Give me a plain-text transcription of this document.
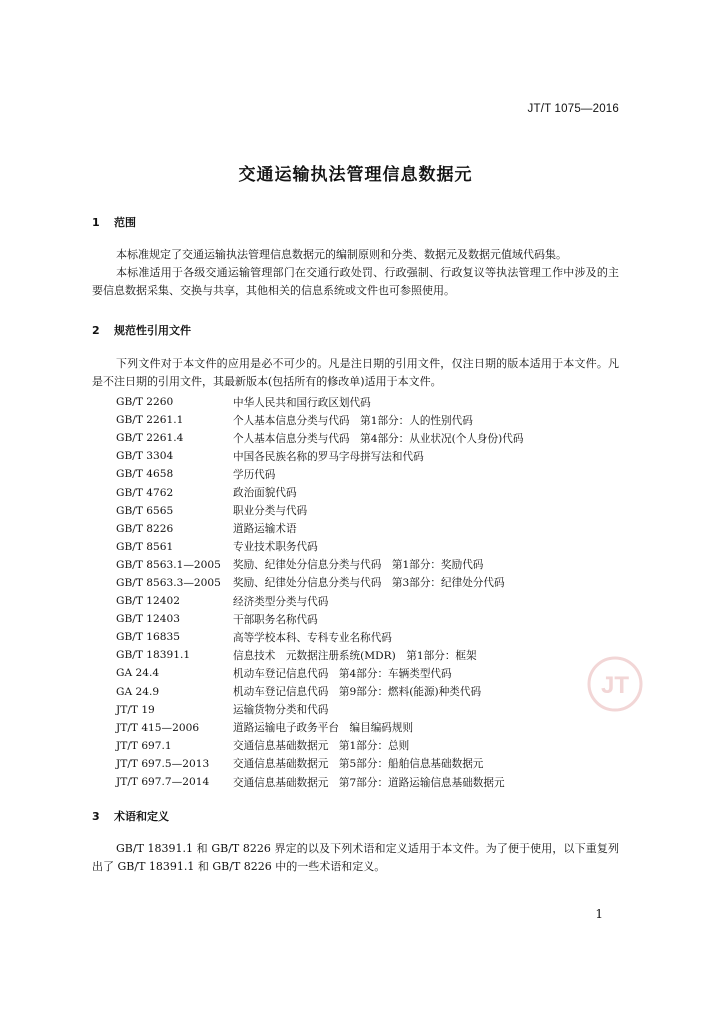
JT/T 1075—2016
交通运输执法管理信息数据元
1 范围
本标准规定了交通运输执法管理信息数据元的编制原则和分类、数据元及数据元值域代码集。
本标准适用于各级交通运输管理部门在交通行政处罚、行政强制、行政复议等执法管理工作中涉及的主要信息数据采集、交换与共享，其他相关的信息系统或文件也可参照使用。
2 规范性引用文件
下列文件对于本文件的应用是必不可少的。凡是注日期的引用文件，仅注日期的版本适用于本文件。凡是不注日期的引用文件，其最新版本(包括所有的修改单)适用于本文件。
GB/T 2260	中华人民共和国行政区划代码
GB/T 2261.1	个人基本信息分类与代码　第1部分：人的性别代码
GB/T 2261.4	个人基本信息分类与代码　第4部分：从业状况(个人身份)代码
GB/T 3304	中国各民族名称的罗马字母拼写法和代码
GB/T 4658	学历代码
GB/T 4762	政治面貌代码
GB/T 6565	职业分类与代码
GB/T 8226	道路运输术语
GB/T 8561	专业技术职务代码
GB/T 8563.1—2005	奖励、纪律处分信息分类与代码　第1部分：奖励代码
GB/T 8563.3—2005	奖励、纪律处分信息分类与代码　第3部分：纪律处分代码
GB/T 12402	经济类型分类与代码
GB/T 12403	干部职务名称代码
GB/T 16835	高等学校本科、专科专业名称代码
GB/T 18391.1	信息技术　元数据注册系统(MDR)　第1部分：框架
GA 24.4	机动车登记信息代码　第4部分：车辆类型代码
GA 24.9	机动车登记信息代码　第9部分：燃料(能源)种类代码
JT/T 19	运输货物分类和代码
JT/T 415—2006	道路运输电子政务平台　编目编码规则
JT/T 697.1	交通信息基础数据元　第1部分：总则
JT/T 697.5—2013	交通信息基础数据元　第5部分：船舶信息基础数据元
JT/T 697.7—2014	交通信息基础数据元　第7部分：道路运输信息基础数据元
3 术语和定义
GB/T 18391.1 和 GB/T 8226 界定的以及下列术语和定义适用于本文件。为了便于使用，以下重复列出了 GB/T 18391.1 和 GB/T 8226 中的一些术语和定义。
JT
1
